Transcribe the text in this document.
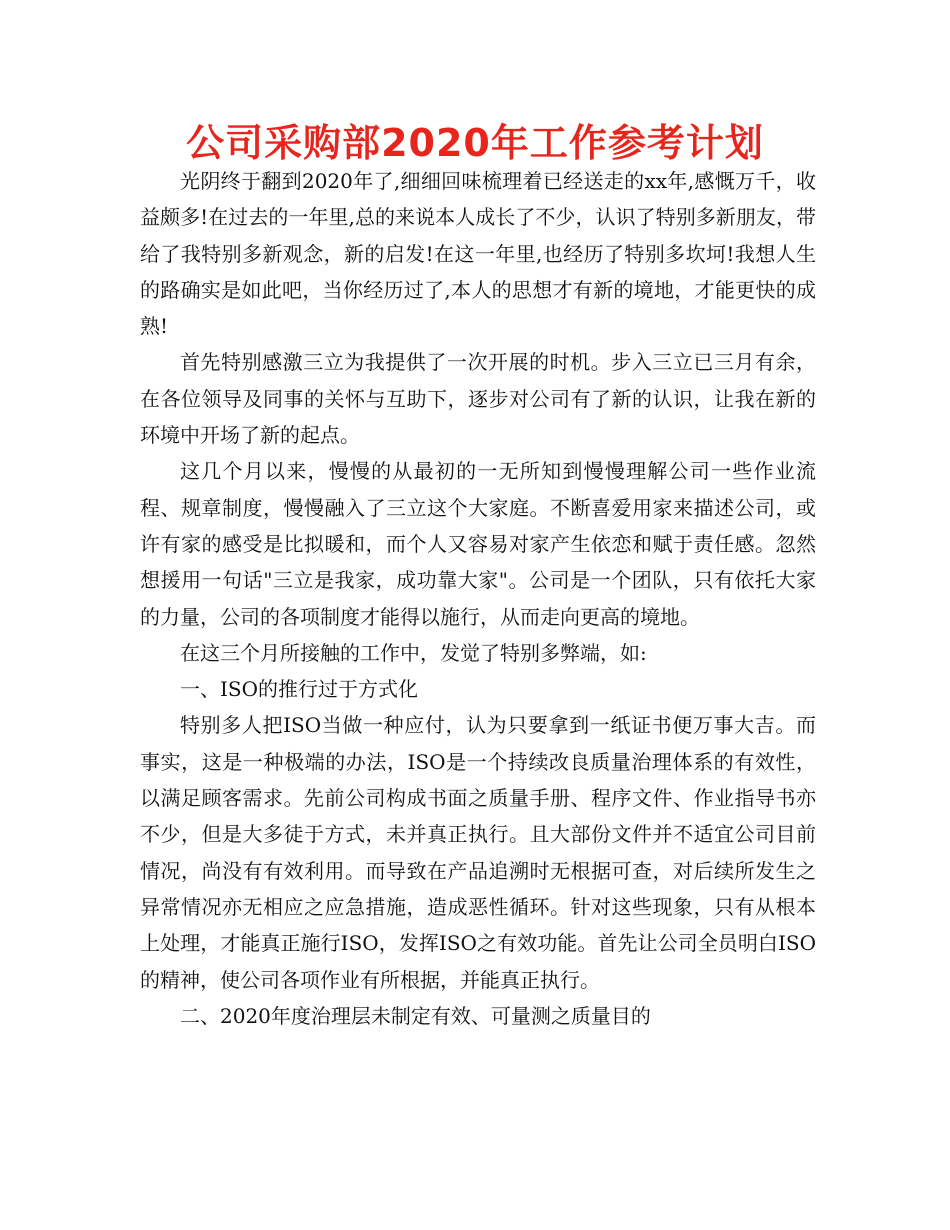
公司采购部2020年工作参考计划

光阴终于翻到2020年了,细细回味梳理着已经送走的xx年,感慨万千，收益颇多!在过去的一年里,总的来说本人成长了不少，认识了特别多新朋友，带给了我特别多新观念，新的启发!在这一年里,也经历了特别多坎坷!我想人生的路确实是如此吧，当你经历过了,本人的思想才有新的境地，才能更快的成熟!

首先特别感激三立为我提供了一次开展的时机。步入三立已三月有余，在各位领导及同事的关怀与互助下，逐步对公司有了新的认识，让我在新的环境中开场了新的起点。

这几个月以来，慢慢的从最初的一无所知到慢慢理解公司一些作业流程、规章制度，慢慢融入了三立这个大家庭。不断喜爱用家来描述公司，或许有家的感受是比拟暖和，而个人又容易对家产生依恋和赋于责任感。忽然想援用一句话"三立是我家，成功靠大家"。公司是一个团队，只有依托大家的力量，公司的各项制度才能得以施行，从而走向更高的境地。

在这三个月所接触的工作中，发觉了特别多弊端，如:

一、ISO的推行过于方式化

特别多人把ISO当做一种应付，认为只要拿到一纸证书便万事大吉。而事实，这是一种极端的办法，ISO是一个持续改良质量治理体系的有效性，以满足顾客需求。先前公司构成书面之质量手册、程序文件、作业指导书亦不少，但是大多徒于方式，未并真正执行。且大部份文件并不适宜公司目前情况，尚没有有效利用。而导致在产品追溯时无根据可查，对后续所发生之异常情况亦无相应之应急措施，造成恶性循环。针对这些现象，只有从根本上处理，才能真正施行ISO，发挥ISO之有效功能。首先让公司全员明白ISO的精神，使公司各项作业有所根据，并能真正执行。

二、2020年度治理层未制定有效、可量测之质量目的
